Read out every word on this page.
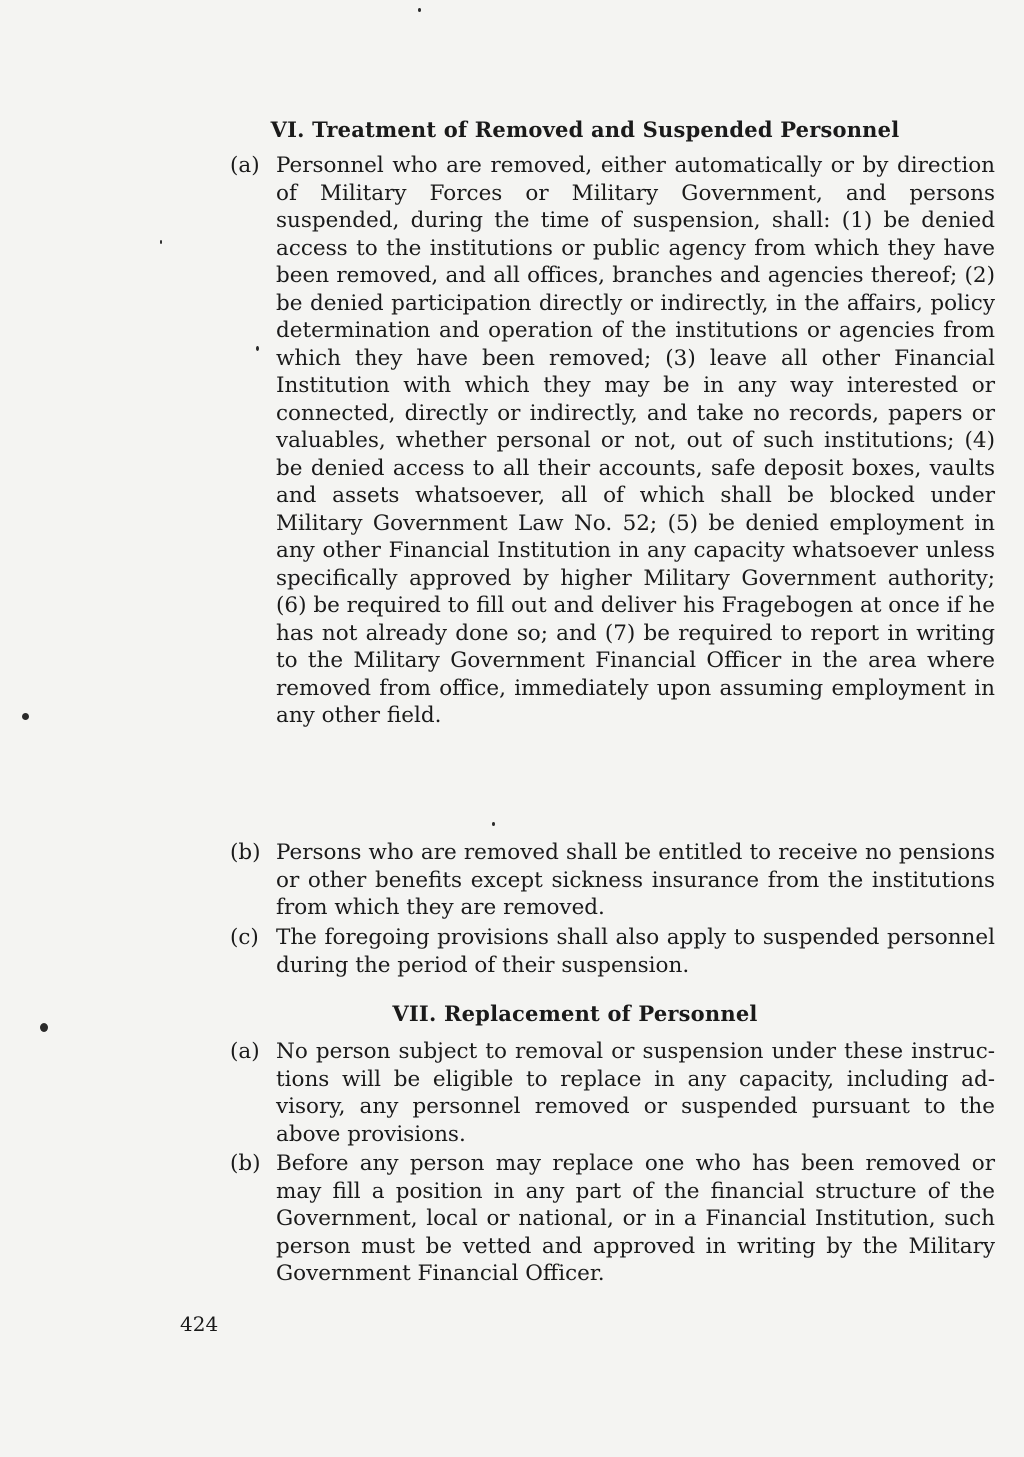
VI. Treatment of Removed and Suspended Personnel
(a) Personnel who are removed, either automatically or by direction of Military Forces or Military Government, and persons suspended, during the time of suspension, shall: (1) be denied access to the institutions or public agency from which they have been removed, and all offices, branches and agencies thereof; (2) be denied participation directly or indirectly, in the affairs, policy determination and operation of the institutions or agencies from which they have been removed; (3) leave all other Financial Institution with which they may be in any way interested or connected, directly or indirectly, and take no records, papers or valuables, whether personal or not, out of such institutions; (4) be denied access to all their accounts, safe deposit boxes, vaults and assets whatsoever, all of which shall be blocked under Military Government Law No. 52; (5) be denied employment in any other Financial Institution in any capacity whatsoever unless specifically approved by higher Military Government authority; (6) be required to fill out and deliver his Fragebogen at once if he has not already done so; and (7) be required to report in writing to the Military Government Financial Officer in the area where removed from office, immediately upon assuming employment in any other field.
(b) Persons who are removed shall be entitled to receive no pensions or other benefits except sickness insurance from the institutions from which they are removed.
(c) The foregoing provisions shall also apply to suspended personnel during the period of their suspension.
VII. Replacement of Personnel
(a) No person subject to removal or suspension under these instructions will be eligible to replace in any capacity, including advisory, any personnel removed or suspended pursuant to the above provisions.
(b) Before any person may replace one who has been removed or may fill a position in any part of the financial structure of the Government, local or national, or in a Financial Institution, such person must be vetted and approved in writing by the Military Government Financial Officer.
424
